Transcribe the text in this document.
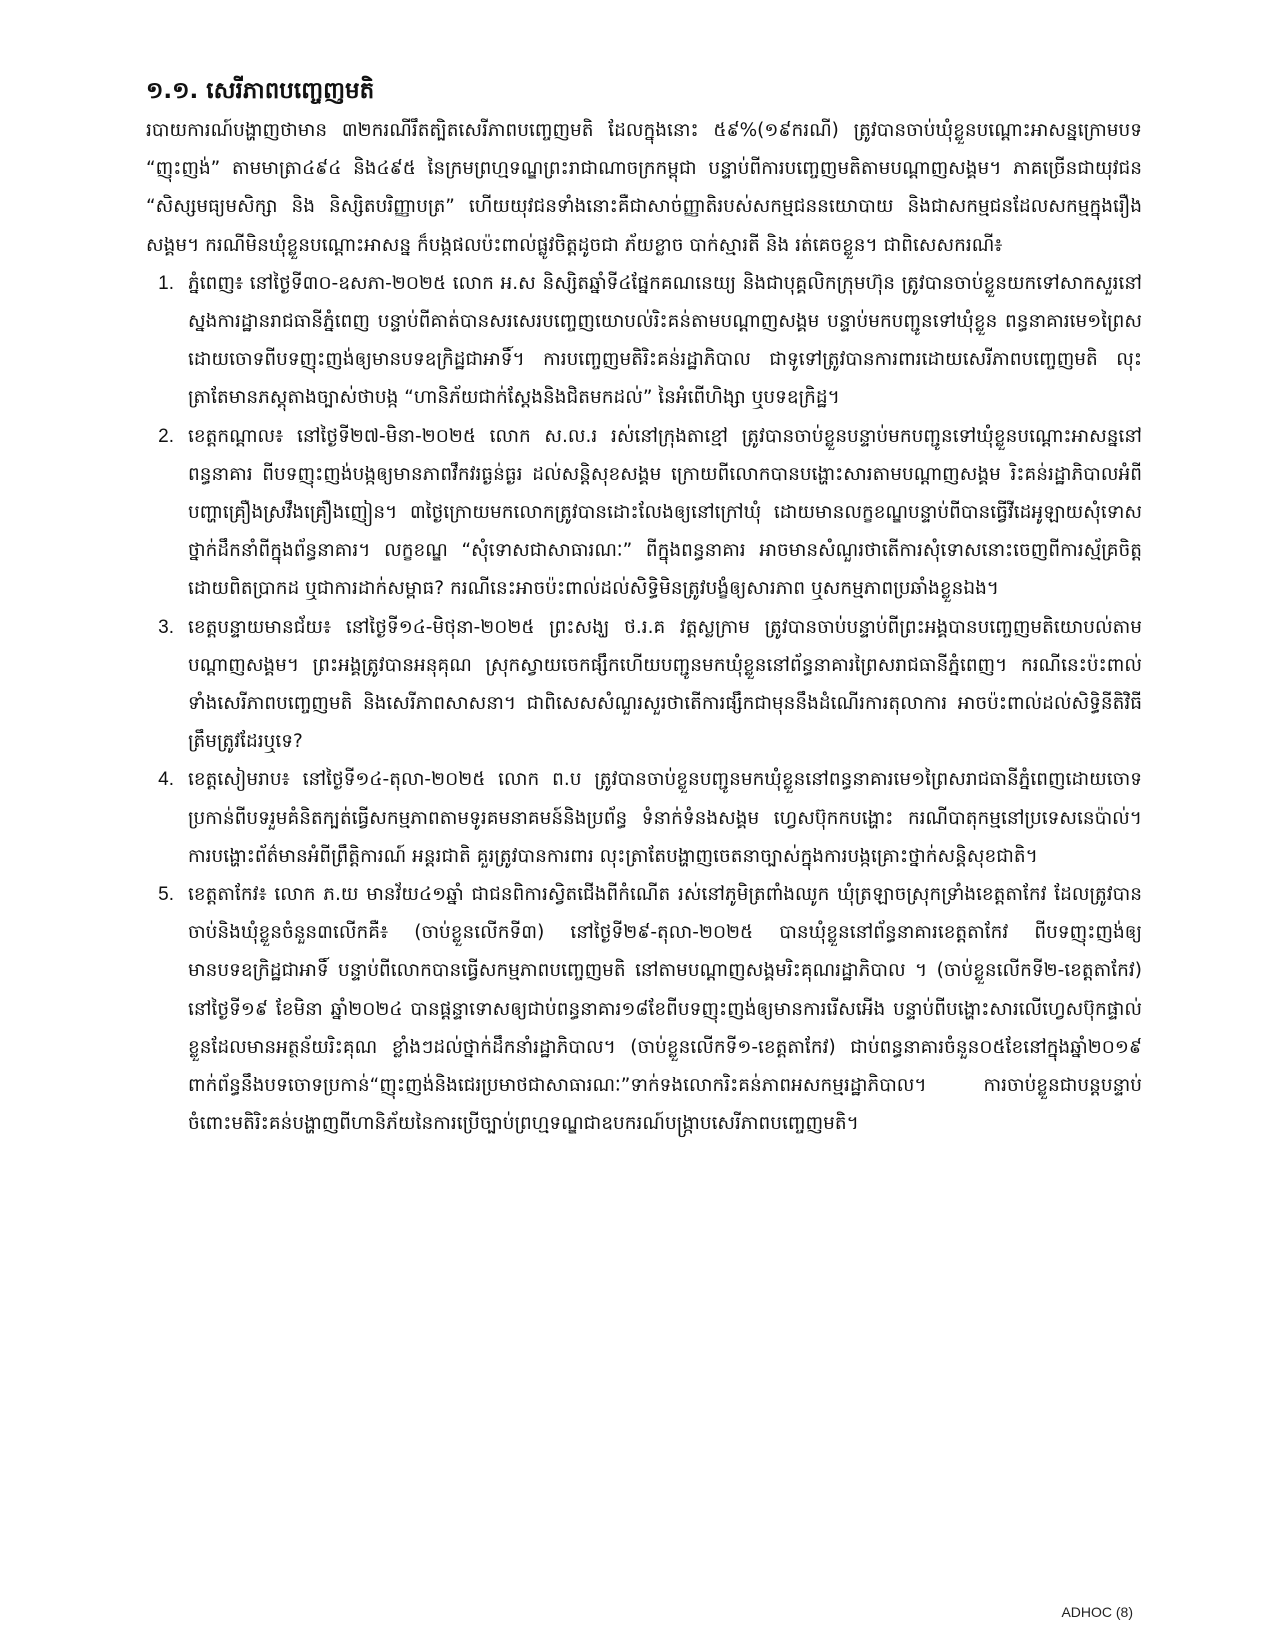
១.១. សេរីភាពបញ្ចេញមតិ

របាយការណ៍បង្ហាញថាមាន ៣២ករណីរឹតត្បិតសេរីភាពបញ្ចេញមតិ ដែលក្នុងនោះ ៥៩%(១៩ករណី) ត្រូវបានចាប់ឃុំខ្លួនបណ្តោះអាសន្នក្រោមបទ “ញុះញង់” តាមមាត្រា៤៩៤ និង៤៩៥ នៃក្រមព្រហ្មទណ្ឌព្រះរាជាណាចក្រកម្ពុជា បន្ទាប់ពីការបញ្ចេញមតិតាមបណ្តាញសង្គម។ ភាគច្រើនជាយុវជន “សិស្សមធ្យមសិក្សា និង និស្សិតបរិញ្ញាបត្រ” ហើយយុវជនទាំងនោះគឺជាសាច់ញ្ញាតិរបស់សកម្មជននយោបាយ និងជាសកម្មជនដែលសកម្មក្នុងរឿងសង្គម។ ករណីមិនឃុំខ្លួនបណ្តោះអាសន្ន ក៏បង្កផលប៉ះពាល់ផ្លូវចិត្តដូចជា ភ័យខ្លាច បាក់ស្មារតី និង រត់គេចខ្លួន។ ជាពិសេសករណី៖

1. ភ្នំពេញ៖ នៅថ្ងៃទី៣០-ឧសភា-២០២៥ លោក អ.ស និស្សិតឆ្នាំទី៤ផ្នែកគណនេយ្យ និងជាបុគ្គលិកក្រុមហ៊ុន ត្រូវបានចាប់ខ្លួនយកទៅសាកសួរនៅស្នងការដ្ឋានរាជធានីភ្នំពេញ បន្ទាប់ពីគាត់បានសរសេរបញ្ចេញយោបល់រិះគន់តាមបណ្តាញសង្គម បន្ទាប់មកបញ្ជូនទៅឃុំខ្លួន ពន្ធនាគារមេ១ព្រៃសដោយចោទពីបទញុះញង់ឲ្យមានបទឧក្រិដ្ឋជាអាទិ៍។ ការបញ្ចេញមតិរិះគន់រដ្ឋាភិបាល ជាទូទៅត្រូវបានការពារដោយសេរីភាពបញ្ចេញមតិ លុះត្រាតែមានភស្តុតាងច្បាស់ថាបង្ក “ហានិភ័យជាក់ស្តែងនិងជិតមកដល់” នៃអំពើហិង្សា ឬបទឧក្រិដ្ឋ។
2. ខេត្តកណ្តាល៖ នៅថ្ងៃទី២៧-មិនា-២០២៥ លោក ស.ល.រ រស់នៅក្រុងតាខ្មៅ ត្រូវបានចាប់ខ្លួនបន្ទាប់មកបញ្ជូនទៅឃុំខ្លួនបណ្តោះអាសន្ននៅពន្ធនាគារ ពីបទញុះញង់បង្កឲ្យមានភាពវឹកវរធ្ងន់ធ្ងរ ដល់សន្តិសុខសង្គម ក្រោយពីលោកបានបង្ហោះសារតាមបណ្តាញសង្គម រិះគន់រដ្ឋាភិបាលអំពីបញ្ហាគ្រឿងស្រវឹងគ្រឿងញៀន។ ៣ថ្ងៃក្រោយមកលោកត្រូវបានដោះលែងឲ្យនៅក្រៅឃុំ ដោយមានលក្ខខណ្ឌបន្ទាប់ពីបានធ្វើវីដេអូឡាយសុំទោសថ្នាក់ដឹកនាំពីក្នុងព័ន្ធនាគារ។ លក្ខខណ្ឌ “សុំទោសជាសាធារណៈ” ពីក្នុងពន្ធនាគារ អាចមានសំណួរថាតើការសុំទោសនោះចេញពីការស្ម័គ្រចិត្តដោយពិតប្រាកដ ឬជាការដាក់សម្ពាធ? ករណីនេះអាចប៉ះពាល់ដល់សិទ្ធិមិនត្រូវបង្ខំឲ្យសារភាព ឬសកម្មភាពប្រឆាំងខ្លួនឯង។
3. ខេត្តបន្ទាយមានជ័យ៖ នៅថ្ងៃទី១៤-មិថុនា-២០២៥ ព្រះសង្ឃ ថ.រ.គ វត្តស្លក្រាម ត្រូវបានចាប់បន្ទាប់ពីព្រះអង្គបានបញ្ចេញមតិយោបល់តាមបណ្តាញសង្គម។ ព្រះអង្គត្រូវបានអនុគុណ ស្រុកស្វាយចេកផ្សឹកហើយបញ្ជូនមកឃុំខ្លួននៅព័ន្ធនាគារព្រៃសរាជធានីភ្នំពេញ។ ករណីនេះប៉ះពាល់ទាំងសេរីភាពបញ្ចេញមតិ និងសេរីភាពសាសនា។ ជាពិសេសសំណួរសួរថាតើការផ្សឹកជាមុននឹងដំណើរការតុលាការ អាចប៉ះពាល់ដល់សិទ្ធិនីតិវិធីត្រឹមត្រូវដែរឬទេ?
4. ខេត្តសៀមរាប៖ នៅថ្ងៃទី១៤-តុលា-២០២៥ លោក ព.ប ត្រូវបានចាប់ខ្លួនបញ្ជូនមកឃុំខ្លួននៅពន្ធនាគារមេ១ព្រៃសរាជធានីភ្នំពេញដោយចោទប្រកាន់ពីបទរួមគំនិតក្បត់ធ្វើសកម្មភាពតាមទូរគមនាគមន៍និងប្រព័ន្ធ ទំនាក់ទំនងសង្គម ហ្វេសប៊ុកកបង្ហោះ ករណីបាតុកម្មនៅប្រទេសនេប៉ាល់។ ការបង្ហោះព័ត៌មានអំពីព្រឹត្តិការណ៍ អន្តរជាតិ គួរត្រូវបានការពារ លុះត្រាតែបង្ហាញចេតនាច្បាស់ក្នុងការបង្កគ្រោះថ្នាក់សន្តិសុខជាតិ។
5. ខេត្តតាកែវ៖ លោក ភ.យ មានវ័យ៤១ឆ្នាំ ជាជនពិការស្វិតជើងពីកំណើត រស់នៅភូមិត្រពាំងឈូក ឃុំត្រឡាចស្រុកទ្រាំងខេត្តតាកែវ ដែលត្រូវបានចាប់និងឃុំខ្លួនចំនួន៣លើកគឺ៖ (ចាប់ខ្លួនលើកទី៣) នៅថ្ងៃទី២៩-តុលា-២០២៥ បានឃុំខ្លួននៅព័ន្ធនាគារខេត្តតាកែវ ពីបទញុះញង់ឲ្យមានបទឧក្រិដ្ឋជាអាទិ៍ បន្ទាប់ពីលោកបានធ្វើសកម្មភាពបញ្ចេញមតិ នៅតាមបណ្តាញសង្គមរិះគុណរដ្ឋាភិបាល ។ (ចាប់ខ្លួនលើកទី២-ខេត្តតាកែវ) នៅថ្ងៃទី១៩ ខែមិនា ឆ្នាំ២០២៤ បានផ្តន្ទាទោសឲ្យជាប់ពន្ធនាគារ១៨ខែពីបទញុះញង់ឲ្យមានការរើសអើង បន្ទាប់ពីបង្ហោះសារលើហ្វេសប៊ុកផ្ទាល់ខ្លួនដែលមានអត្ថន័យរិះគុណ ខ្លាំងៗដល់ថ្នាក់ដឹកនាំរដ្ឋាភិបាល។ (ចាប់ខ្លួនលើកទី១-ខេត្តតាកែវ) ជាប់ពន្ធនាគារចំនួន០៥ខែនៅក្នុងឆ្នាំ២០១៩ ពាក់ព័ន្ធនឹងបទចោទប្រកាន់“ញុះញង់និងជេរប្រមាថជាសាធារណៈ”ទាក់ទងលោករិះគន់ភាពអសកម្មរដ្ឋាភិបាល។ ការចាប់ខ្លួនជាបន្តបន្ទាប់ ចំពោះមតិរិះគន់បង្ហាញពីហានិភ័យនៃការប្រើច្បាប់ព្រហ្មទណ្ឌជាឧបករណ៍បង្ក្រាបសេរីភាពបញ្ចេញមតិ។
ADHOC (8)
